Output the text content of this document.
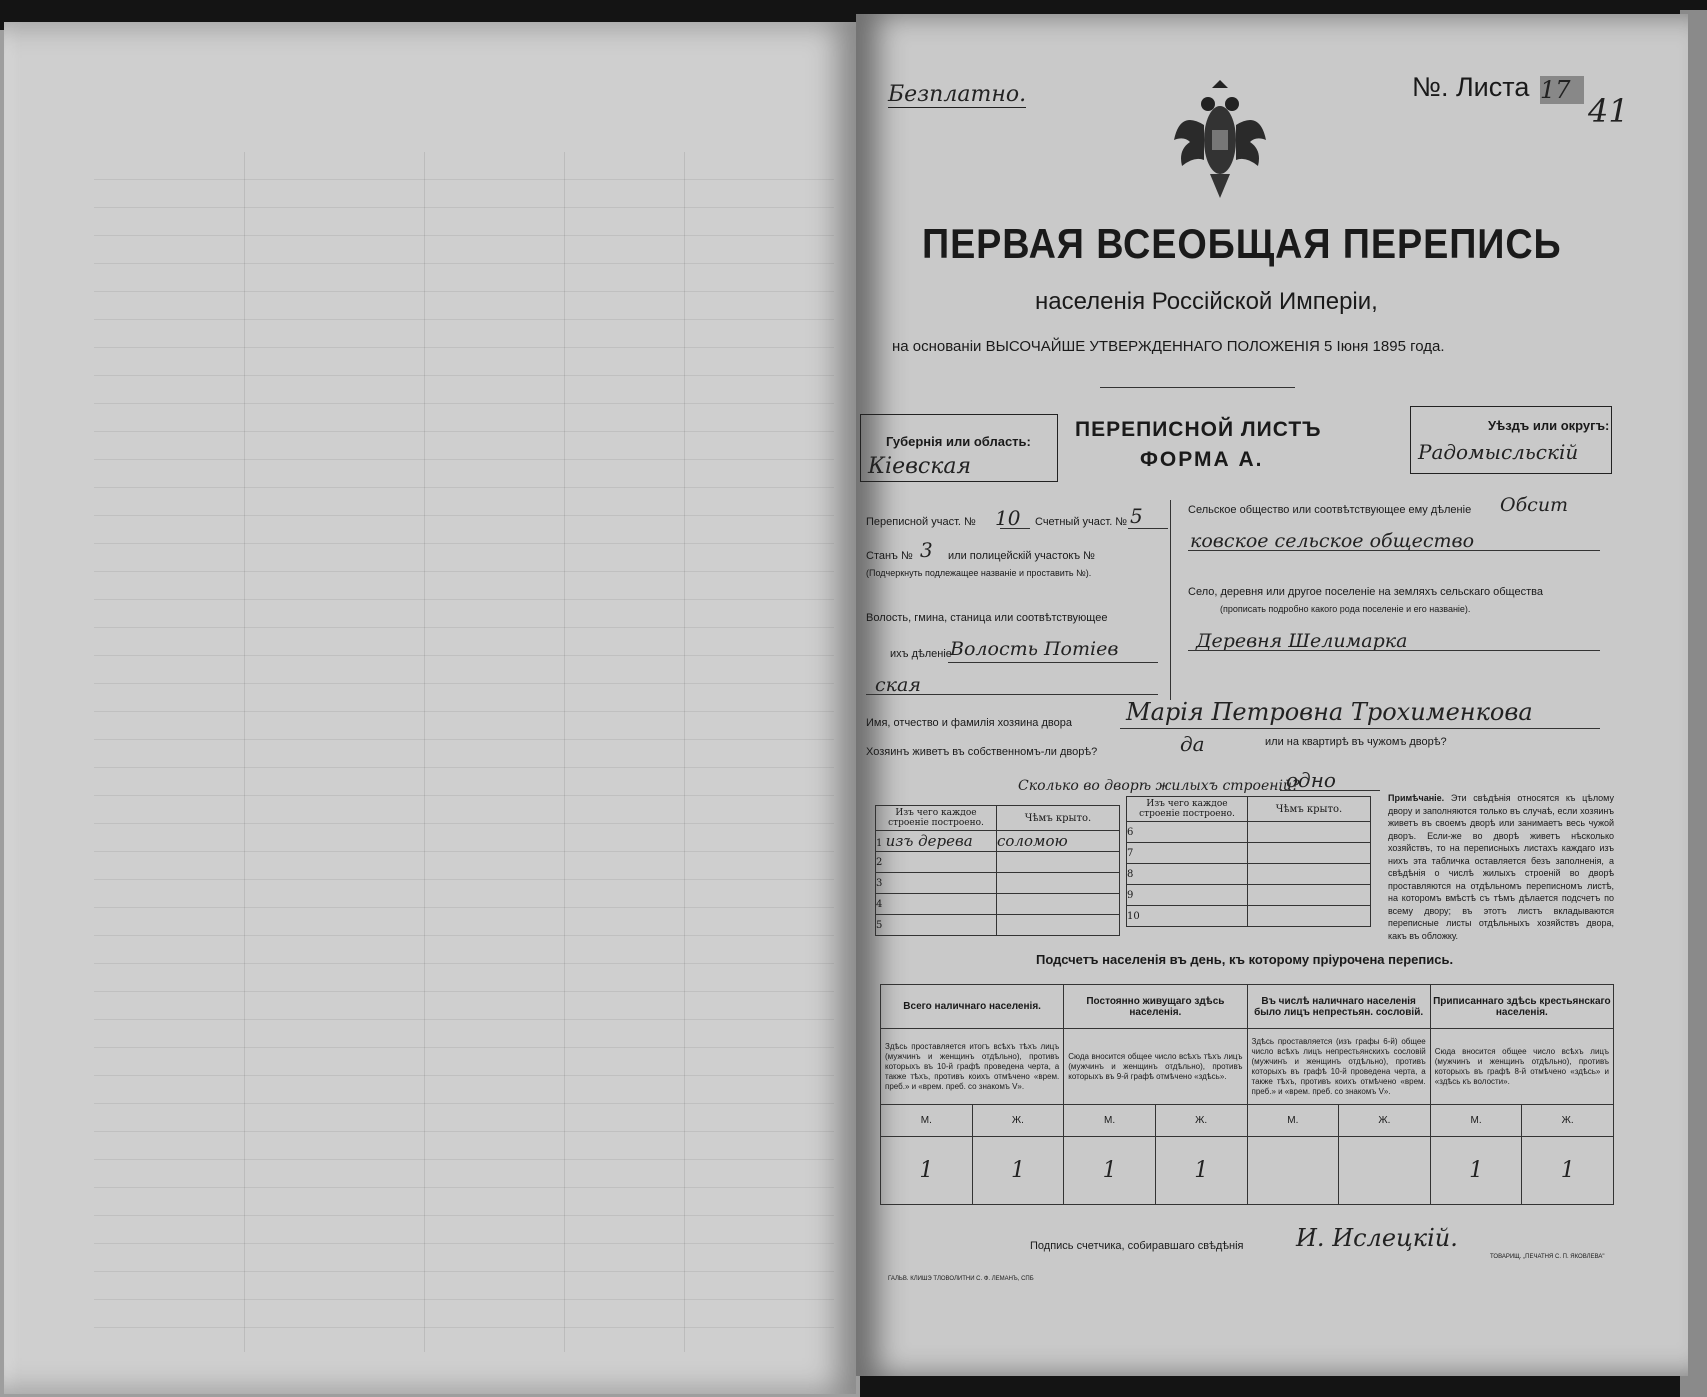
Безплатно.	№. Листа 17
41
ПЕРВАЯ ВСЕОБЩАЯ ПЕРЕПИСЬ
населенія Россійской Имперіи,
на основаніи ВЫСОЧАЙШЕ УТВЕРЖДЕННАГО ПОЛОЖЕНІЯ 5 Іюня 1895 года.
Губернія или область:
Кіевская
ПЕРЕПИСНОЙ ЛИСТЪ
ФОРМА А.
Уѣздъ или округъ:
Радомысльскій
Переписной участ. № 10 Счетный участ. № 5
Станъ № 3 или полицейскій участокъ №
(Подчеркнуть подлежащее названіе и проставить №).
Волость, гмина, станица или соотвѣтствующее
ихъ дѣленіе
Волость Потіев
ская
Сельское общество или соотвѣтствующее ему дѣленіе Обсит
ковское сельское общество
Село, деревня или другое поселеніе на земляхъ сельскаго общества
(прописать подробно какого рода поселеніе и его названіе).
Деревня Шелимарка
Имя, отчество и фамилія хозяина двора Марія Петровна Трохименкова
Хозяинъ живетъ въ собственномъ-ли дворѣ?	да	или на квартирѣ въ чужомъ дворѣ?
Сколько во дворѣ жилыхъ строеній?
одно
Изъ чего каждое строеніе построено.	Чѣмъ крыто.
1 изъ дерева	соломою
2	
3	
4	
5	
Изъ чего каждое строеніе построено.	Чѣмъ крыто.
6	
7	
8	
9	
10	
Примѣчаніе. Эти свѣдѣнія относятся къ цѣлому двору и заполняются только въ случаѣ, если хозяинъ живетъ въ своемъ дворѣ или занимаетъ весь чужой дворъ. Если-же во дворѣ живетъ нѣсколько хозяйствъ, то на переписныхъ листахъ каждаго изъ нихъ эта табличка оставляется безъ заполненія, а свѣдѣнія о числѣ жилыхъ строеній во дворѣ проставляются на отдѣльномъ переписномъ листѣ, на которомъ вмѣстѣ съ тѣмъ дѣлается подсчетъ по всему двору; въ этотъ листъ вкладываются переписные листы отдѣльныхъ хозяйствъ двора, какъ въ обложку.
Подсчетъ населенія въ день, къ которому пріурочена перепись.
Всего наличнаго населенія.		Постоянно живущаго здѣсь населенія.		Въ числѣ наличнаго населенія было лицъ непрестьян. сословій.		Приписаннаго здѣсь крестьянскаго населенія.	
Здѣсь проставляется итогъ всѣхъ тѣхъ лицъ (мужчинъ и женщинъ отдѣльно), противъ которыхъ въ 10-й графѣ проведена черта, а также тѣхъ, противъ коихъ отмѣчено «врем. преб.» и «врем. преб. со знакомъ V».		Сюда вносится общее число всѣхъ тѣхъ лицъ (мужчинъ и женщинъ отдѣльно), противъ которыхъ въ 9-й графѣ отмѣчено «здѣсь».		Здѣсь проставляется (изъ графы 6-й) общее число всѣхъ лицъ непрестьянскихъ сословій (мужчинъ и женщинъ отдѣльно), противъ которыхъ въ графѣ 10-й проведена черта, а также тѣхъ, противъ коихъ отмѣчено «врем. преб.» и «врем. преб. со знакомъ V».		Сюда вносится общее число всѣхъ лицъ (мужчинъ и женщинъ отдѣльно), противъ которыхъ въ графѣ 8-й отмѣчено «здѣсь» и «здѣсь къ волости».	
М.	Ж.	М.	Ж.	М.	Ж.	М.	Ж.
1	1	1	1			1	1
Подпись счетчика, собиравшаго свѣдѣнія И. Ислецкій.
ГАЛЬВ. КЛИШЭ ТЛОВОЛИТНИ С. Ф. ЛЕМАНЪ, СПБ
ТОВАРИЩ. „ПЕЧАТНЯ С. П. ЯКОВЛЕВА"
